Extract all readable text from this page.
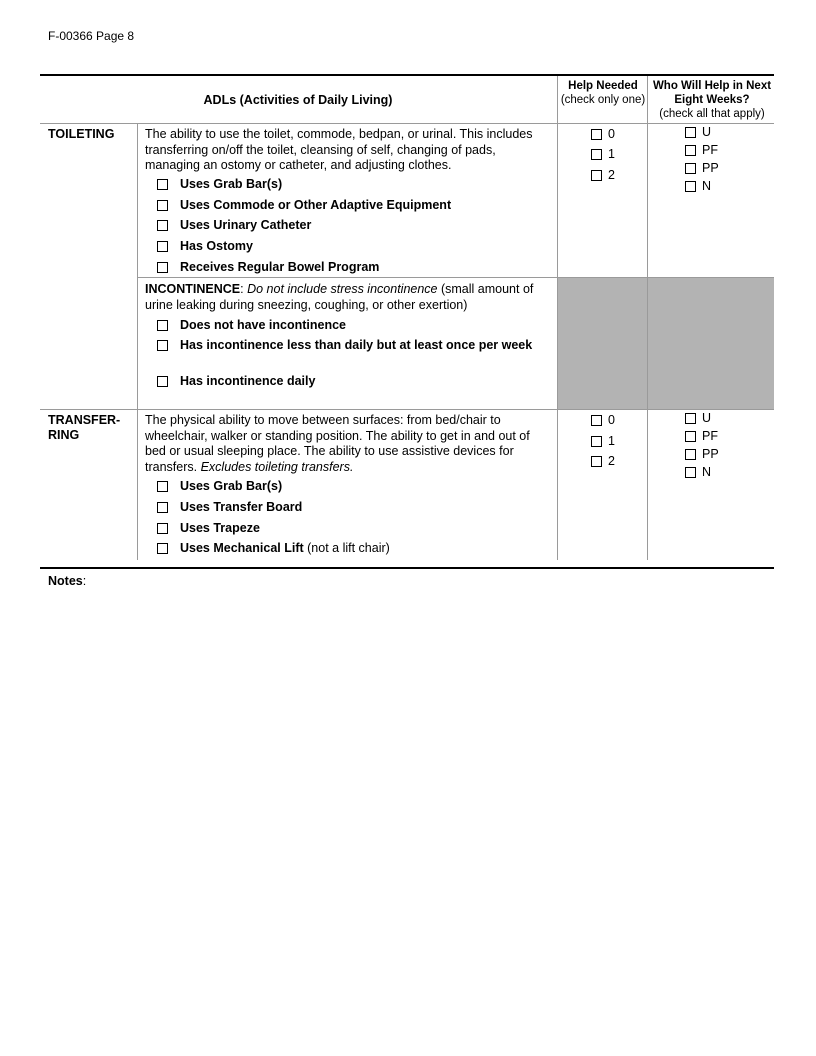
F-00366 Page 8
ADLs (Activities of Daily Living)
Help Needed
(check only one)
Who Will Help in Next Eight Weeks?
(check all that apply)
TOILETING The ability to use the toilet, commode, bedpan, or urinal. This includes transferring on/off the toilet, cleansing of self, changing of pads, managing an ostomy or catheter, and adjusting clothes.
Uses Grab Bar(s)
Uses Commode or Other Adaptive Equipment
Uses Urinary Catheter
Has Ostomy
Receives Regular Bowel Program
0
1
2
U
PF
PP
N
INCONTINENCE: Do not include stress incontinence (small amount of urine leaking during sneezing, coughing, or other exertion)
Does not have incontinence
Has incontinence less than daily but at least once per week
Has incontinence daily
TRANSFER-
RING
The physical ability to move between surfaces: from bed/chair to wheelchair, walker or standing position. The ability to get in and out of bed or usual sleeping place. The ability to use assistive devices for transfers. Excludes toileting transfers.
Uses Grab Bar(s)
Uses Transfer Board
Uses Trapeze
Uses Mechanical Lift
(not a lift chair)
0
1
2
U
PF
PP
N
Notes:
